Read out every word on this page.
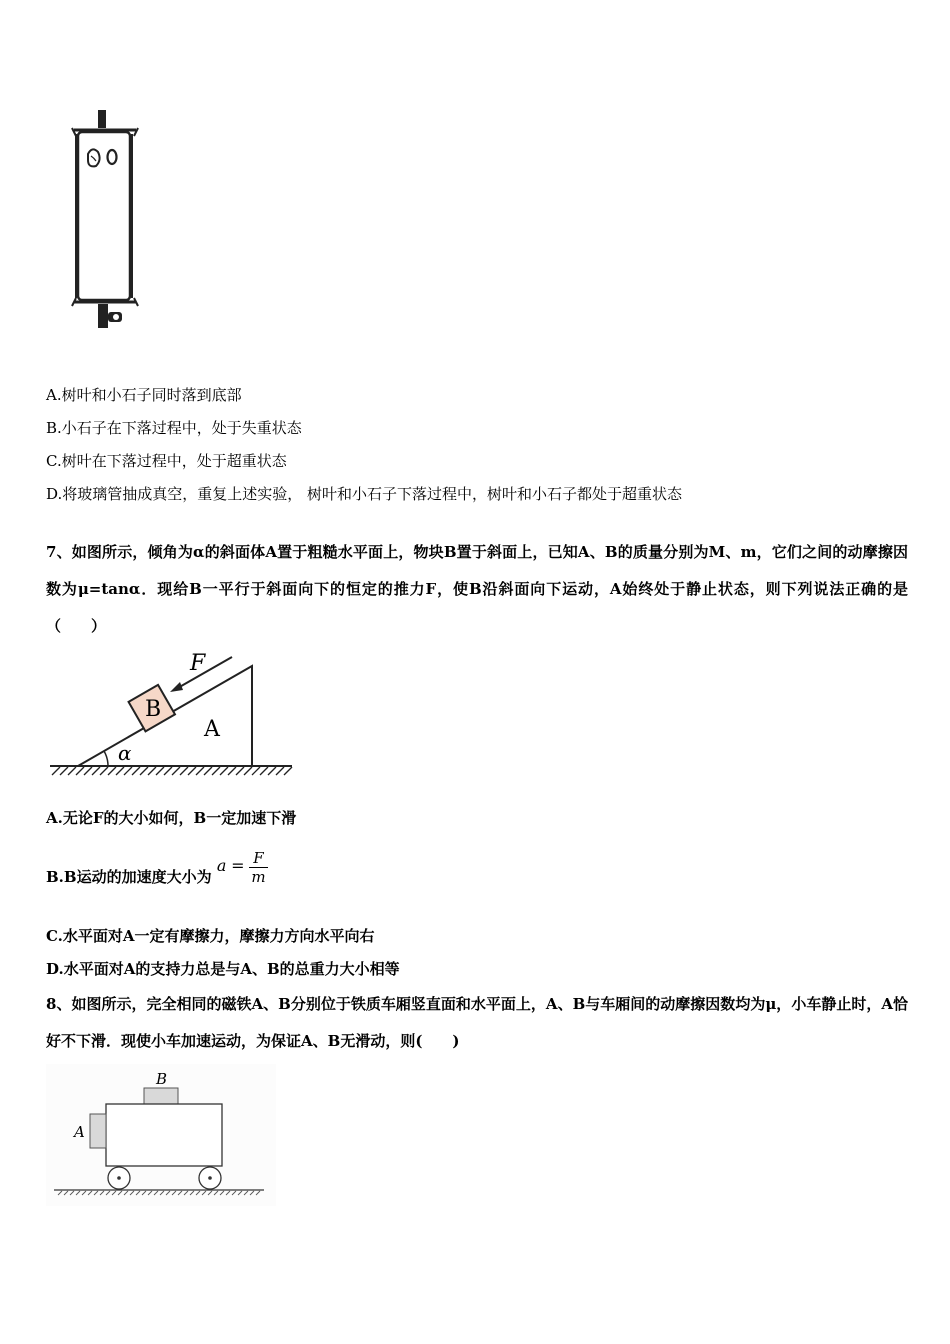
A.树叶和小石子同时落到底部
B.小石子在下落过程中，处于失重状态
C.树叶在下落过程中，处于超重状态
D.将玻璃管抽成真空，重复上述实验， 树叶和小石子下落过程中，树叶和小石子都处于超重状态
7、如图所示，倾角为α的斜面体A置于粗糙水平面上，物块B置于斜面上，已知A、B的质量分别为M、m，它们之间的动摩擦因数为μ=tanα．现给B一平行于斜面向下的恒定的推力F，使B沿斜面向下运动，A始终处于静止状态，则下列说法正确的是（　　）
F
B
A
α
A.无论F的大小如何，B一定加速下滑
B.B运动的加速度大小为 $a = \frac{F}{m}$
C.水平面对A一定有摩擦力，摩擦力方向水平向右
D.水平面对A的支持力总是与A、B的总重力大小相等
8、如图所示，完全相同的磁铁A、B分别位于铁质车厢竖直面和水平面上，A、B与车厢间的动摩擦因数均为μ，小车静止时，A恰好不下滑．现使小车加速运动，为保证A、B无滑动，则(　　)
B
A
